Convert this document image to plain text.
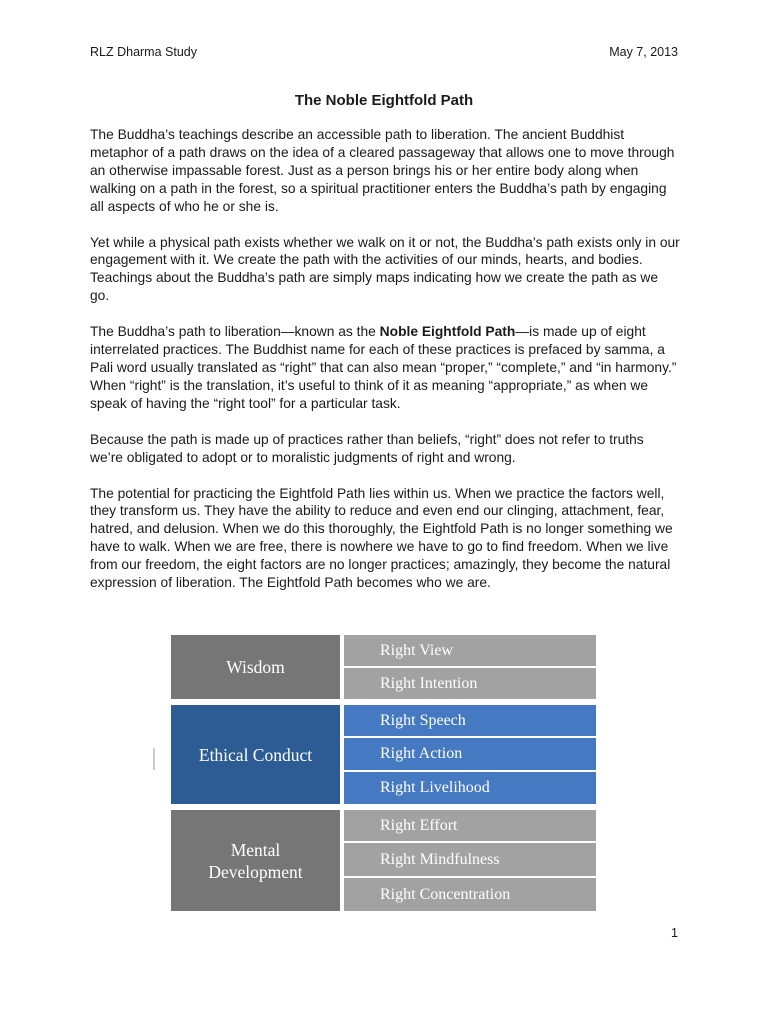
RLZ Dharma Study	May 7, 2013
The Noble Eightfold Path

The Buddha’s teachings describe an accessible path to liberation. The ancient Buddhist metaphor of a path draws on the idea of a cleared passageway that allows one to move through an otherwise impassable forest. Just as a person brings his or her entire body along when walking on a path in the forest, so a spiritual practitioner enters the Buddha’s path by engaging all aspects of who he or she is.

Yet while a physical path exists whether we walk on it or not, the Buddha’s path exists only in our engagement with it. We create the path with the activities of our minds, hearts, and bodies. Teachings about the Buddha’s path are simply maps indicating how we create the path as we go.

The Buddha’s path to liberation—known as the Noble Eightfold Path—is made up of eight interrelated practices. The Buddhist name for each of these practices is prefaced by samma, a Pali word usually translated as “right” that can also mean “proper,” “complete,” and “in harmony.” When “right” is the translation, it’s useful to think of it as meaning “appropriate,” as when we speak of having the “right tool” for a particular task.

Because the path is made up of practices rather than beliefs, “right” does not refer to truths we’re obligated to adopt or to moralistic judgments of right and wrong.

The potential for practicing the Eightfold Path lies within us. When we practice the factors well, they transform us. They have the ability to reduce and even end our clinging, attachment, fear, hatred, and delusion. When we do this thoroughly, the Eightfold Path is no longer something we have to walk. When we are free, there is nowhere we have to go to find freedom. When we live from our freedom, the eight factors are no longer practices; amazingly, they become the natural expression of liberation. The Eightfold Path becomes who we are.

Wisdom
Right View
Right Intention
Ethical Conduct
Right Speech
Right Action
Right Livelihood
Mental Development
Right Effort
Right Mindfulness
Right Concentration
1
